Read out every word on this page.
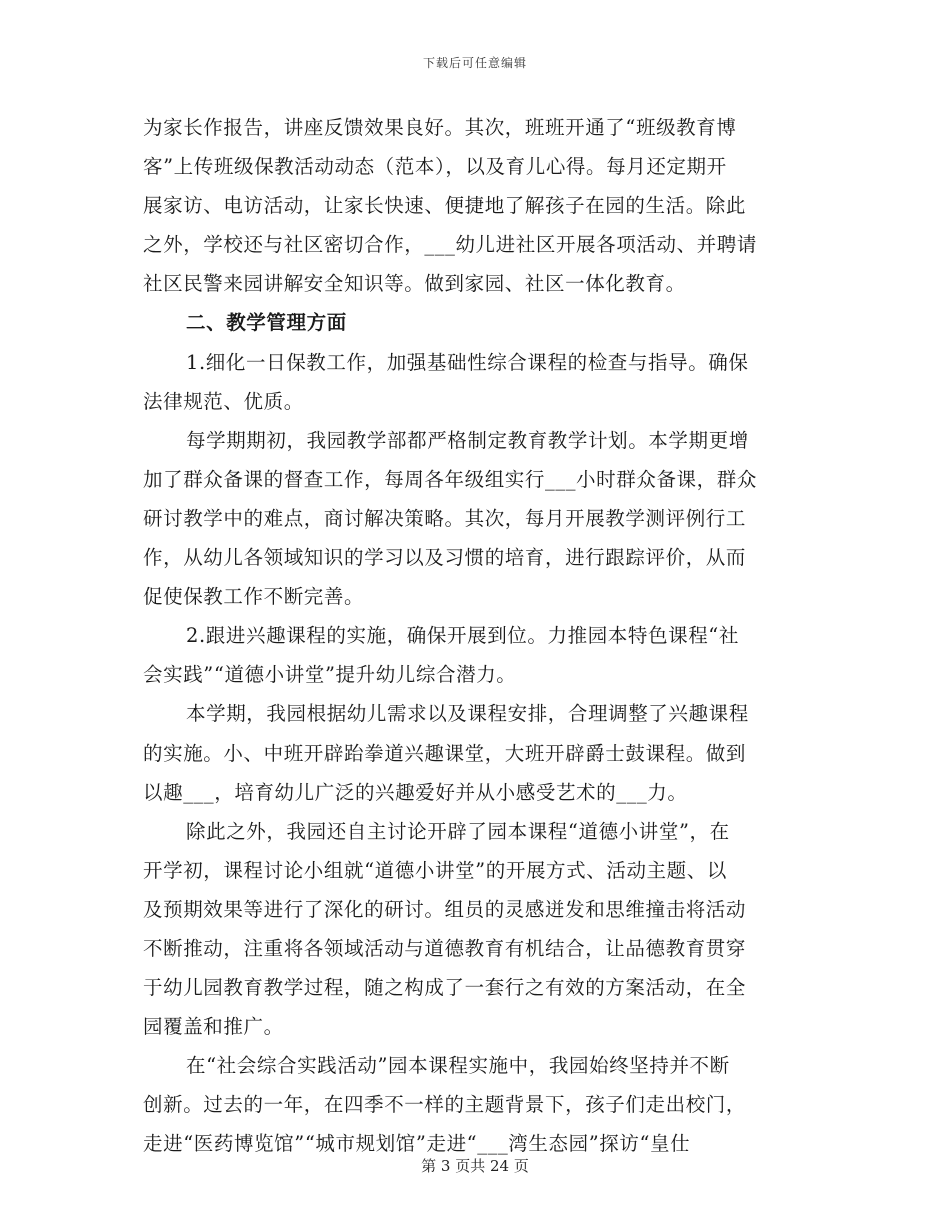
下载后可任意编辑
为家长作报告，讲座反馈效果良好。其次，班班开通了“班级教育博
客”上传班级保教活动动态（范本），以及育儿心得。每月还定期开
展家访、电访活动，让家长快速、便捷地了解孩子在园的生活。除此
之外，学校还与社区密切合作，___幼儿进社区开展各项活动、并聘请
社区民警来园讲解安全知识等。做到家园、社区一体化教育。
二、教学管理方面
1.细化一日保教工作，加强基础性综合课程的检查与指导。确保
法律规范、优质。
每学期期初，我园教学部都严格制定教育教学计划。本学期更增
加了群众备课的督查工作，每周各年级组实行___小时群众备课，群众
研讨教学中的难点，商讨解决策略。其次，每月开展教学测评例行工
作，从幼儿各领域知识的学习以及习惯的培育，进行跟踪评价，从而
促使保教工作不断完善。
2.跟进兴趣课程的实施，确保开展到位。力推园本特色课程“社
会实践”“道德小讲堂”提升幼儿综合潜力。
本学期，我园根据幼儿需求以及课程安排，合理调整了兴趣课程
的实施。小、中班开辟跆拳道兴趣课堂，大班开辟爵士鼓课程。做到
以趣___，培育幼儿广泛的兴趣爱好并从小感受艺术的___力。
除此之外，我园还自主讨论开辟了园本课程“道德小讲堂”，在
开学初，课程讨论小组就“道德小讲堂”的开展方式、活动主题、以
及预期效果等进行了深化的研讨。组员的灵感迸发和思维撞击将活动
不断推动，注重将各领域活动与道德教育有机结合，让品德教育贯穿
于幼儿园教育教学过程，随之构成了一套行之有效的方案活动，在全
园覆盖和推广。
在“社会综合实践活动”园本课程实施中，我园始终坚持并不断
创新。过去的一年，在四季不一样的主题背景下，孩子们走出校门，
走进“医药博览馆”“城市规划馆”走进“___湾生态园”探访“皇仕
第 3 页共 24 页
